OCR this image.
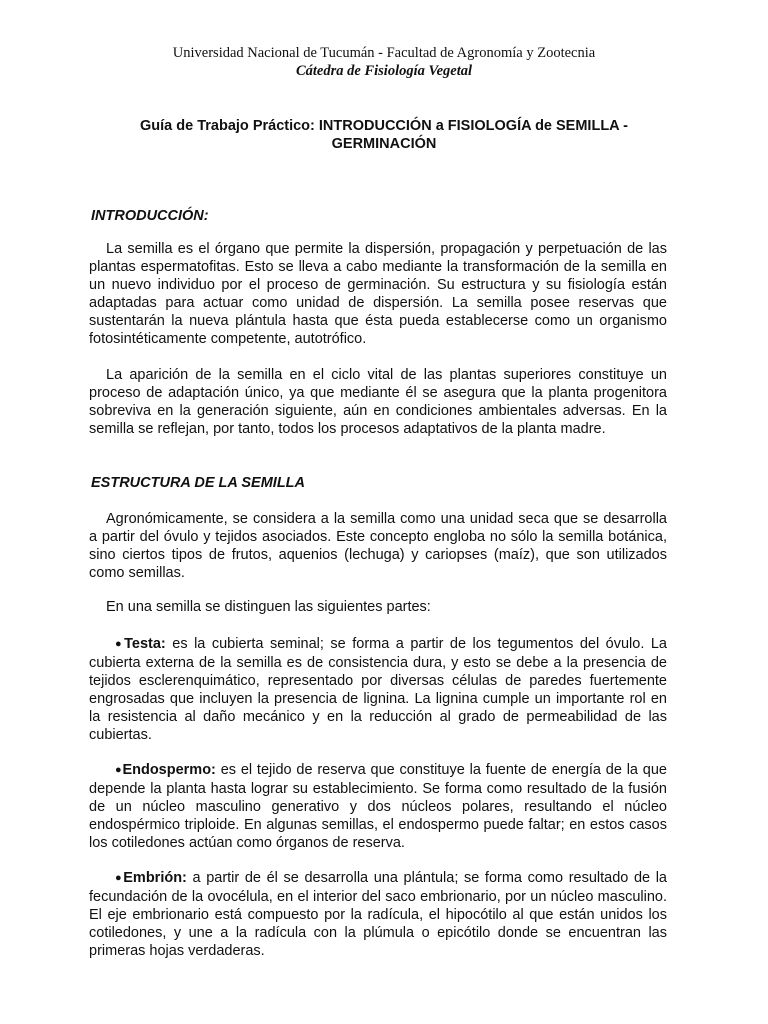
Universidad Nacional de Tucumán - Facultad de Agronomía y Zootecnia
Cátedra de Fisiología Vegetal
Guía de Trabajo Práctico: INTRODUCCIÓN a FISIOLOGÍA de SEMILLA -
GERMINACIÓN
INTRODUCCIÓN:

La semilla es el órgano que permite la dispersión, propagación y perpetuación de las plantas espermatofitas. Esto se lleva a cabo mediante la transformación de la semilla en un nuevo individuo por el proceso de germinación. Su estructura y su fisiología están adaptadas para actuar como unidad de dispersión. La semilla posee reservas que sustentarán la nueva plántula hasta que ésta pueda establecerse como un organismo fotosintéticamente competente, autotrófico.

La aparición de la semilla en el ciclo vital de las plantas superiores constituye un proceso de adaptación único, ya que mediante él se asegura que la planta progenitora sobreviva en la generación siguiente, aún en condiciones ambientales adversas. En la semilla se reflejan, por tanto, todos los procesos adaptativos de la planta madre.

ESTRUCTURA DE LA SEMILLA

Agronómicamente, se considera a la semilla como una unidad seca que se desarrolla a partir del óvulo y tejidos asociados. Este concepto engloba no sólo la semilla botánica, sino ciertos tipos de frutos, aquenios (lechuga) y cariopses (maíz), que son utilizados como semillas.

En una semilla se distinguen las siguientes partes:

●Testa: es la cubierta seminal; se forma a partir de los tegumentos del óvulo. La cubierta externa de la semilla es de consistencia dura, y esto se debe a la presencia de tejidos esclerenquimático, representado por diversas células de paredes fuertemente engrosadas que incluyen la presencia de lignina. La lignina cumple un importante rol en la resistencia al daño mecánico y en la reducción al grado de permeabilidad de las cubiertas.

●Endospermo: es el tejido de reserva que constituye la fuente de energía de la que depende la planta hasta lograr su establecimiento. Se forma como resultado de la fusión de un núcleo masculino generativo y dos núcleos polares, resultando el núcleo endospérmico triploide. En algunas semillas, el endospermo puede faltar; en estos casos los cotiledones actúan como órganos de reserva.

●Embrión: a partir de él se desarrolla una plántula; se forma como resultado de la fecundación de la ovocélula, en el interior del saco embrionario, por un núcleo masculino. El eje embrionario está compuesto por la radícula, el hipocótilo al que están unidos los cotiledones, y une a la radícula con la plúmula o epicótilo donde se encuentran las primeras hojas verdaderas.
